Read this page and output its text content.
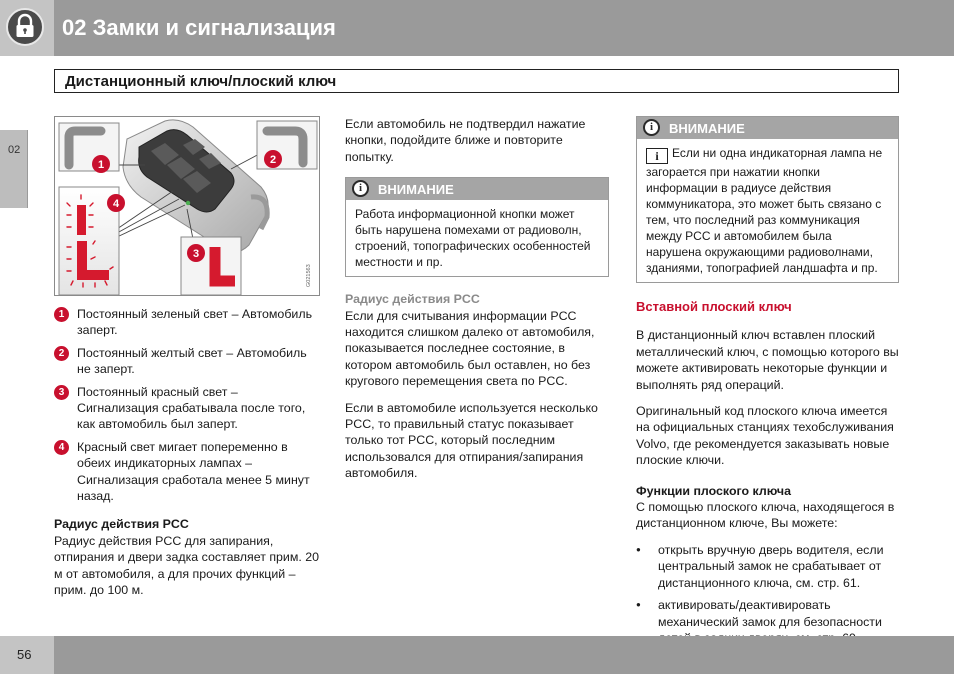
02 Замки и сигнализация
Дистанционный ключ/плоский ключ
02
1	2
3
4
G021563
1	Постоянный зеленый свет – Автомобиль заперт.
2	Постоянный желтый свет – Автомобиль не заперт.
3	Постоянный красный свет – Сигнализация срабатывала после того, как автомобиль был заперт.
4	Красный свет мигает попеременно в обеих индикаторных лампах – Сигнализация сработала менее 5 минут назад.
Радиус действия PCC

Радиус действия PCC для запирания, отпирания и двери задка составляет прим. 20 м от автомобиля, а для прочих функций – прим. до 100 м.

Если автомобиль не подтвердил нажатие кнопки, подойдите ближе и повторите попытку.

i	ВНИМАНИЕ
Работа информационной кнопки может быть нарушена помехами от радиоволн, строений, топографических особенностей местности и пр.
Радиус действия PCC

Если для считывания информации PCC находится слишком далеко от автомобиля, показывается последнее состояние, в котором автомобиль был оставлен, но без кругового перемещения света по PCC.

Если в автомобиле используется несколько PCC, то правильный статус показывает только тот PCC, который последним использовался для отпирания/запирания автомобиля.

i	ВНИМАНИЕ
i Если ни одна индикаторная лампа не загорается при нажатии кнопки информации в радиусе действия коммуникатора, это может быть связано с тем, что последний раз коммуникация между PCC и автомобилем была нарушена окружающими радиоволнами, зданиями, топографией ландшафта и пр.
Вставной плоский ключ

В дистанционный ключ вставлен плоский металлический ключ, с помощью которого вы можете активировать некоторые функции и выполнять ряд операций.

Оригинальный код плоского ключа имеется на официальных станциях техобслуживания Volvo, где рекомендуется заказывать новые плоские ключи.

Функции плоского ключа

С помощью плоского ключа, находящегося в дистанционном ключе, Вы можете:

● открыть вручную дверь водителя, если центральный замок не срабатывает от дистанционного ключа, см. стр. 61.
● активировать/деактивировать механический замок для безопасности
56
